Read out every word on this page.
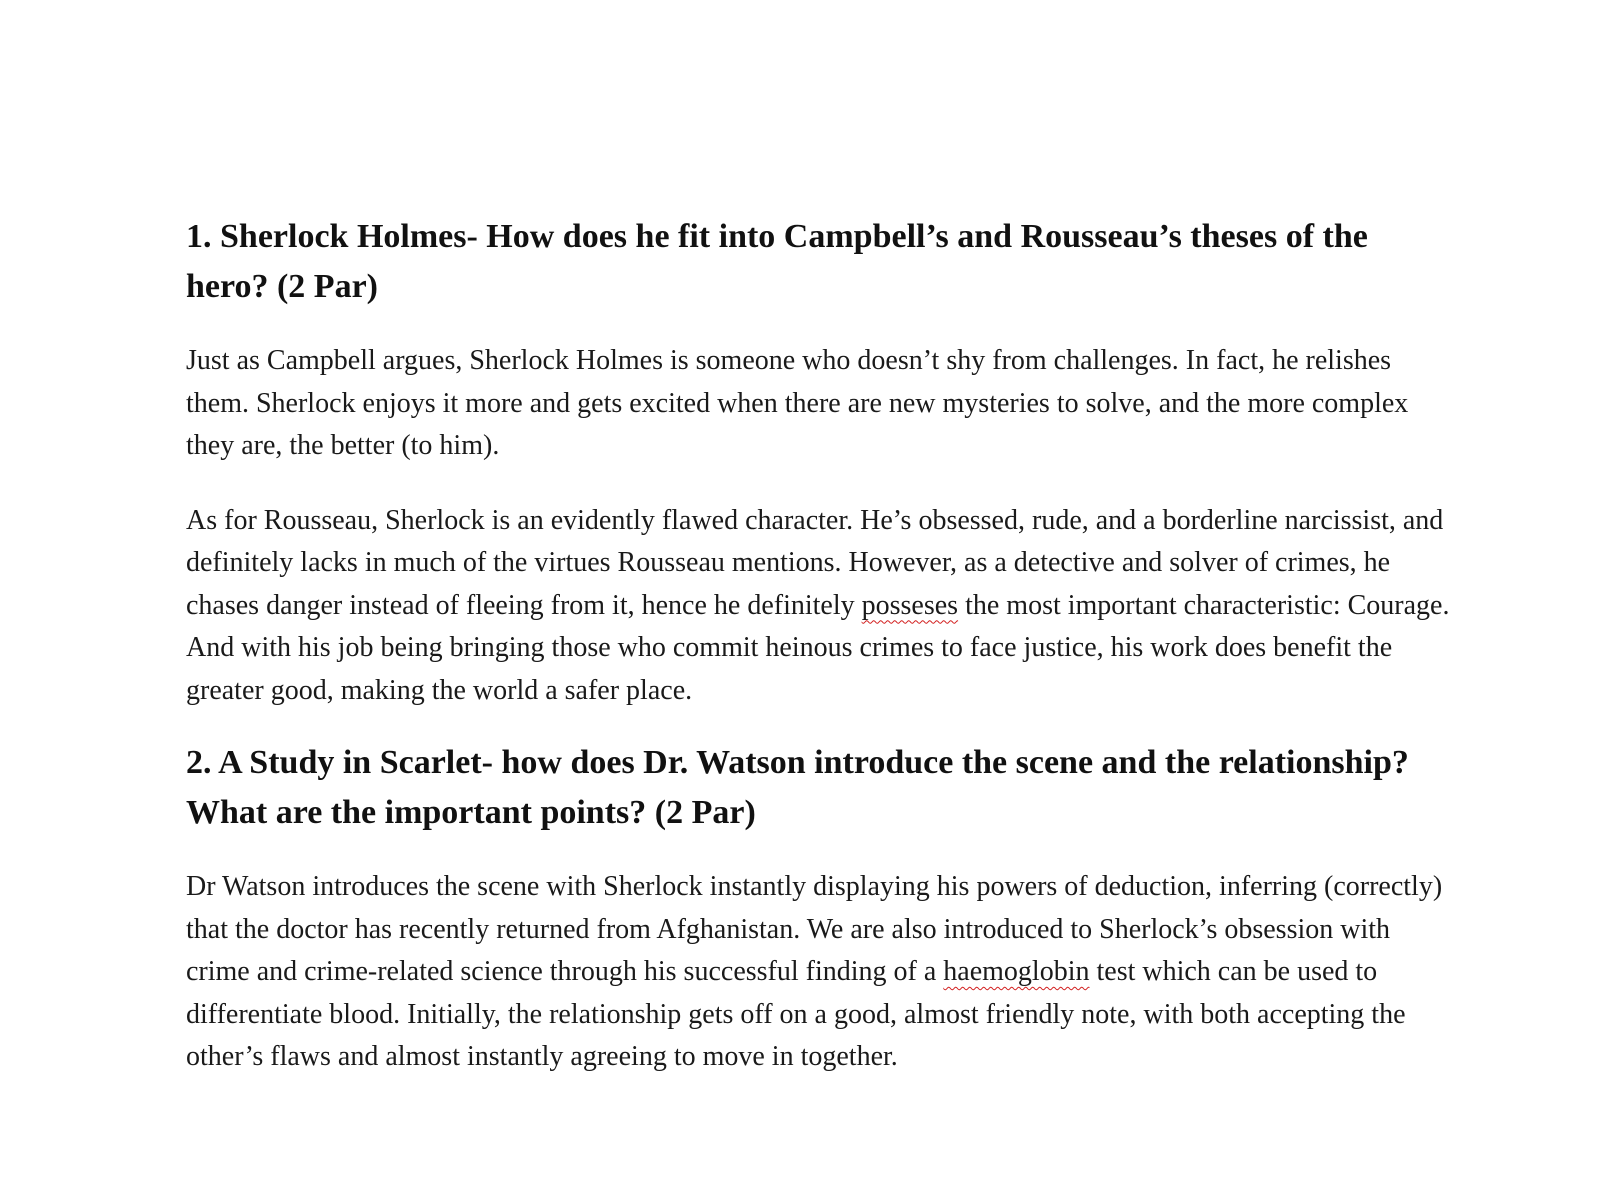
1. Sherlock Holmes- How does he fit into Campbell’s and Rousseau’s theses of the hero? (2 Par)

Just as Campbell argues, Sherlock Holmes is someone who doesn’t shy from challenges. In fact, he relishes them. Sherlock enjoys it more and gets excited when there are new mysteries to solve, and the more complex they are, the better (to him).

As for Rousseau, Sherlock is an evidently flawed character. He’s obsessed, rude, and a borderline narcissist, and definitely lacks in much of the virtues Rousseau mentions. However, as a detective and solver of crimes, he chases danger instead of fleeing from it, hence he definitely posseses the most important characteristic: Courage. And with his job being bringing those who commit heinous crimes to face justice, his work does benefit the greater good, making the world a safer place.

2. A Study in Scarlet- how does Dr. Watson introduce the scene and the relationship? What are the important points? (2 Par)

Dr Watson introduces the scene with Sherlock instantly displaying his powers of deduction, inferring (correctly) that the doctor has recently returned from Afghanistan. We are also introduced to Sherlock’s obsession with crime and crime-related science through his successful finding of a haemoglobin test which can be used to differentiate blood. Initially, the relationship gets off on a good, almost friendly note, with both accepting the other’s flaws and almost instantly agreeing to move in together.
